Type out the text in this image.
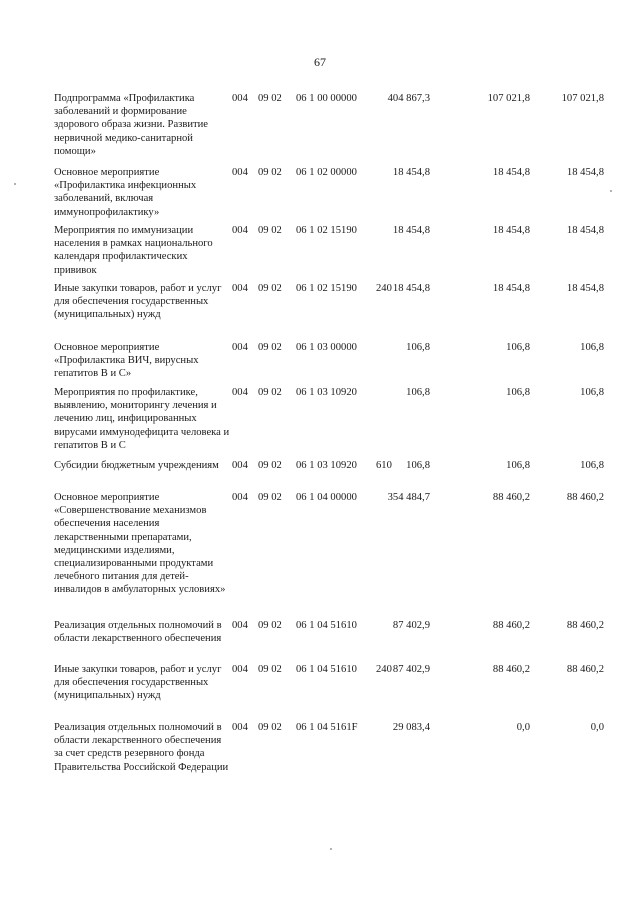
67
Подпрограмма «Профилактика заболеваний и формирование здорового образа жизни. Развитие нервичной медико-санитарной помощи»
004 09 02 06 1 00 00000	404 867,3	107 021,8	107 021,8
Основное мероприятие «Профилактика инфекционных заболеваний, включая иммунопрофилактику»
004 09 02 06 1 02 00000	18 454,8	18 454,8	18 454,8
Мероприятия по иммунизации населения в рамках национального календаря профилактических прививок
004 09 02 06 1 02 15190	18 454,8	18 454,8	18 454,8
Иные закупки товаров, работ и услуг для обеспечения государственных (муниципальных) нужд
004 09 02 06 1 02 15190 240 18 454,8	18 454,8	18 454,8
Основное мероприятие «Профилактика ВИЧ, вирусных гепатитов В и С»
004 09 02 06 1 03 00000	106,8	106,8	106,8
Мероприятия по профилактике, выявлению, мониторингу лечения и лечению лиц, инфицированных вирусами иммунодефицита человека и гепатитов В и С
004 09 02 06 1 03 10920	106,8	106,8	106,8
Субсидии бюджетным учреждениям	004 09 02 06 1 03 10920 610 106,8	106,8	106,8
Основное мероприятие «Совершенствование механизмов обеспечения населения лекарственными препаратами, медицинскими изделиями, специализированными продуктами лечебного питания для детей-инвалидов в амбулаторных условиях»
004 09 02 06 1 04 00000	354 484,7	88 460,2	88 460,2
Реализация отдельных полномочий в области лекарственного обеспечения
004 09 02 06 1 04 51610	87 402,9	88 460,2	88 460,2
Иные закупки товаров, работ и услуг для обеспечения государственных (муниципальных) нужд
004 09 02 06 1 04 51610 240 87 402,9	88 460,2	88 460,2
Реализация отдельных полномочий в области лекарственного обеспечения за счет средств резервного фонда Правительства Российской Федерации
004 09 02 06 1 04 5161F	29 083,4	0,0	0,0
